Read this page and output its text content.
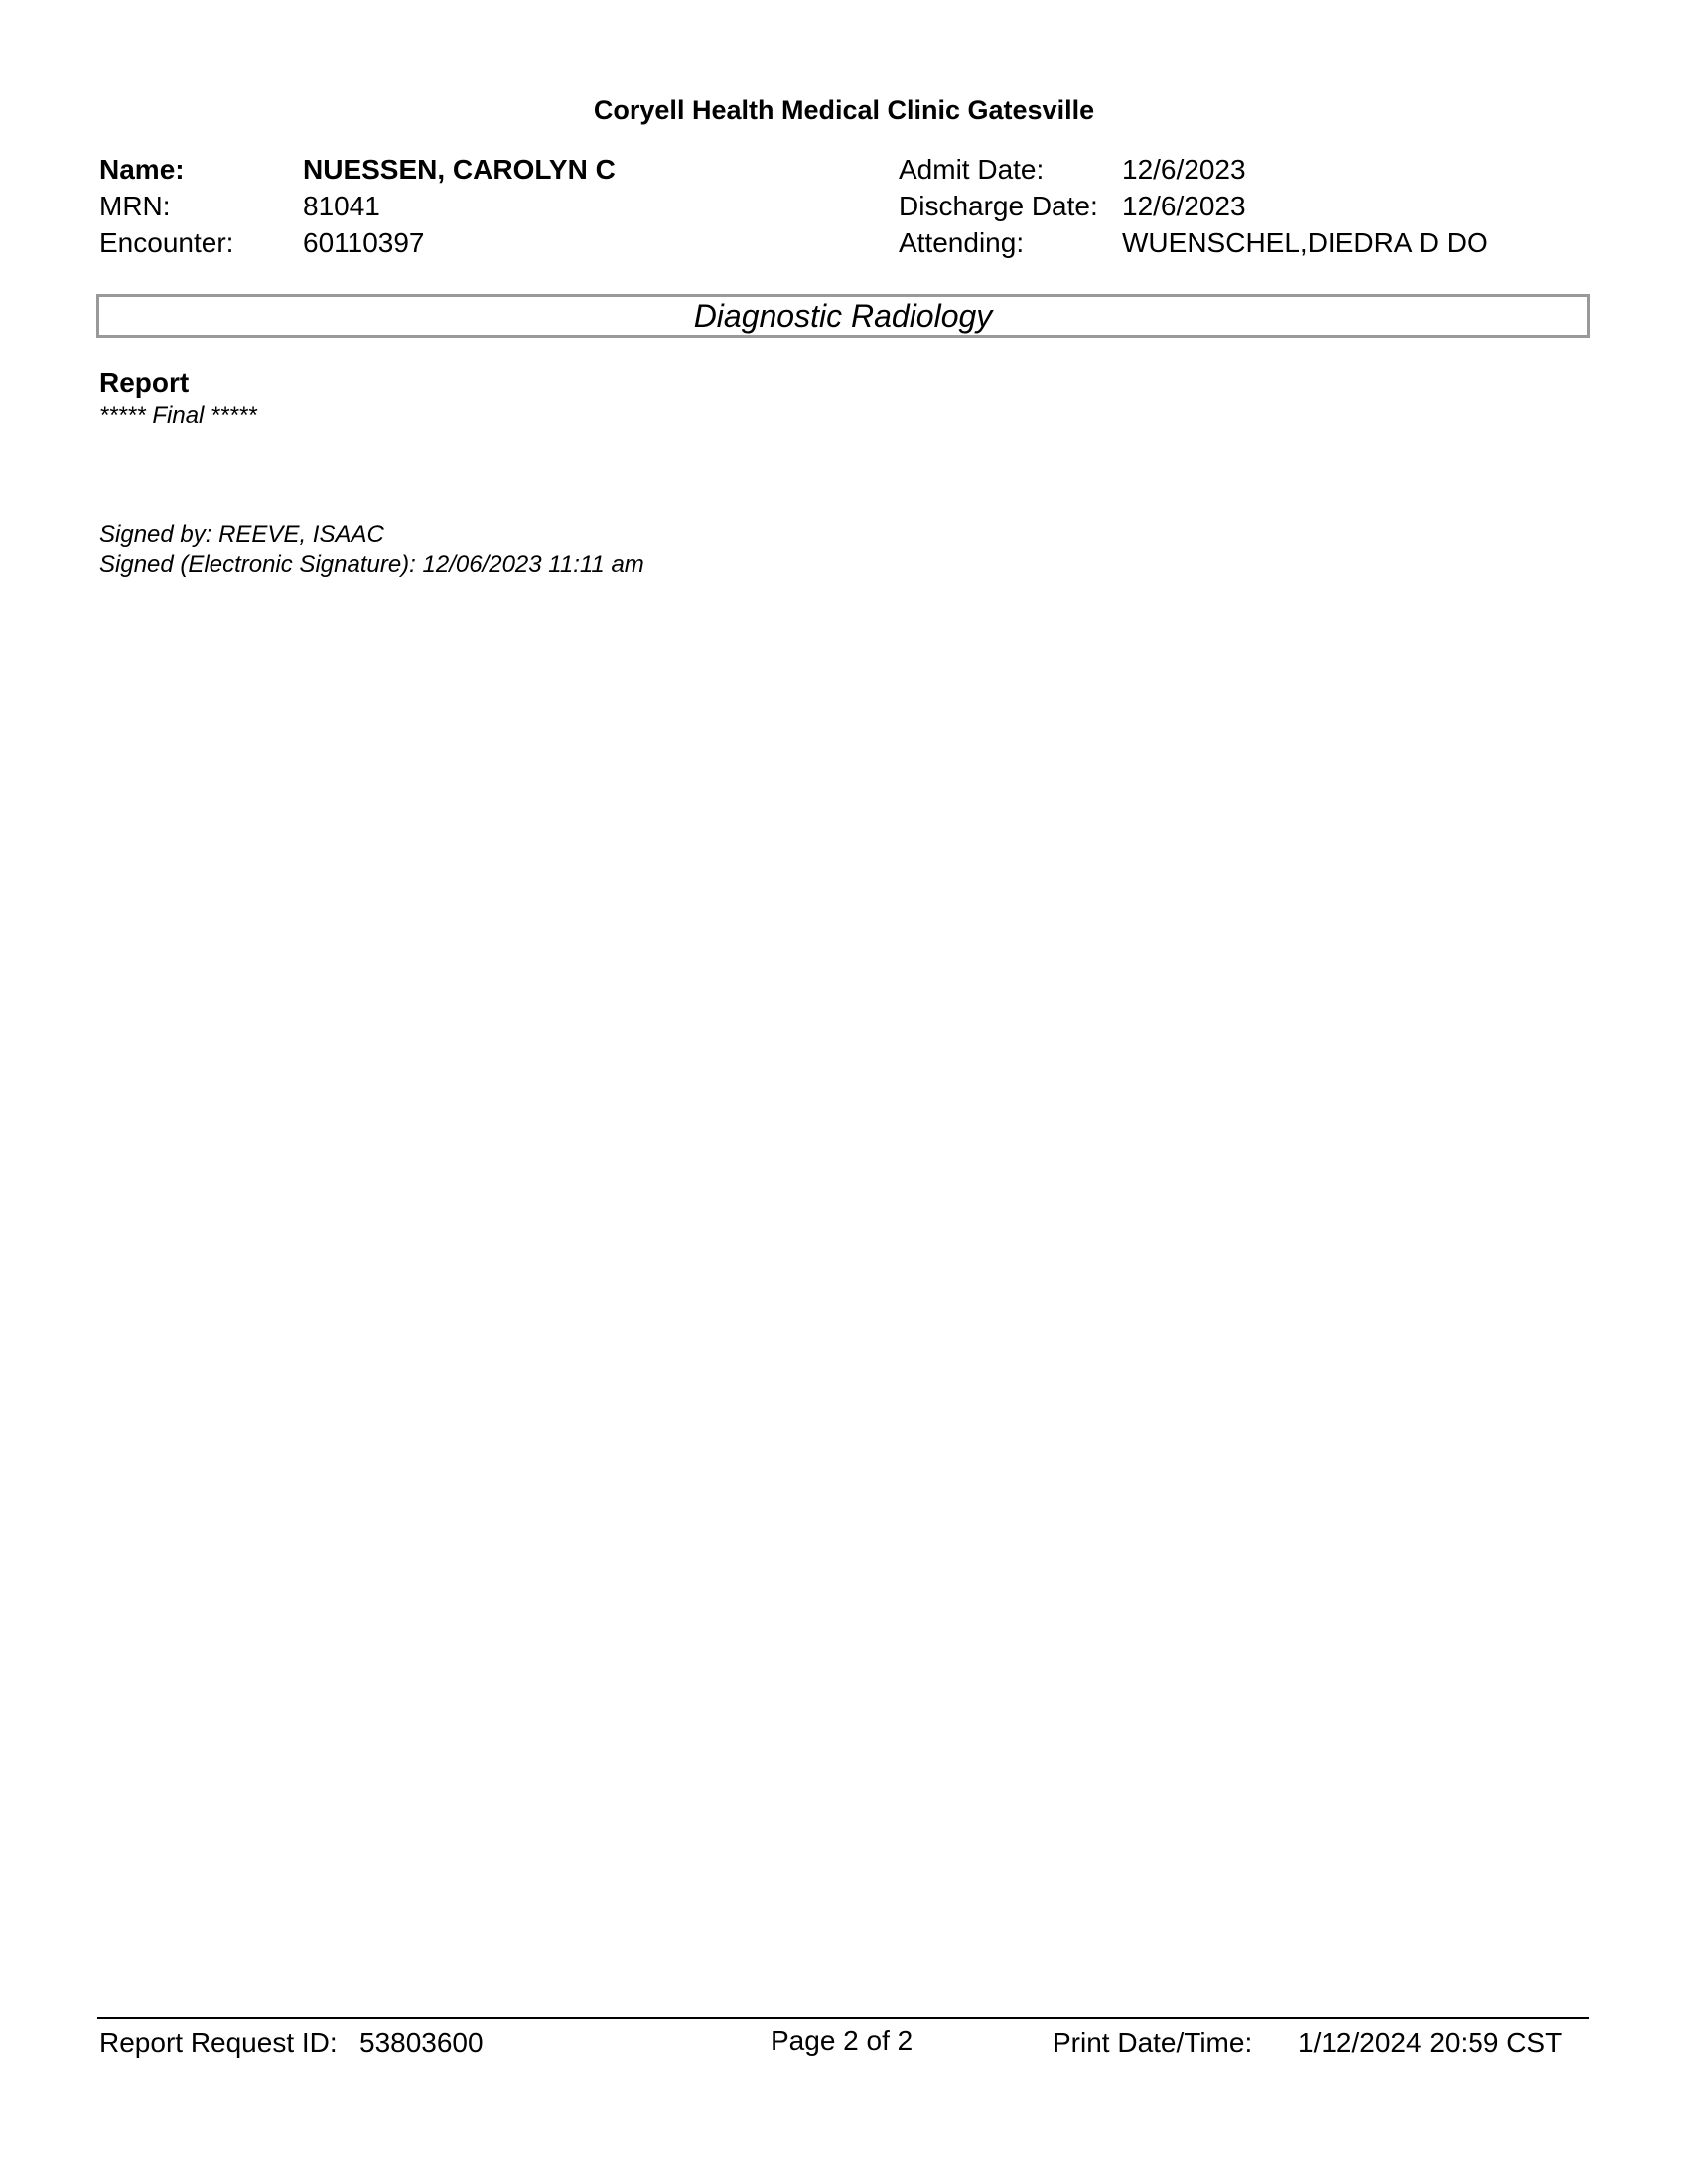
Coryell Health Medical Clinic Gatesville
Name:	NUESSEN, CAROLYN C
MRN:	81041
Encounter: 60110397
Admit Date:	12/6/2023
Discharge Date: 12/6/2023
Attending:	WUENSCHEL,DIEDRA D DO
Diagnostic Radiology
Report
***** Final *****
Signed by: REEVE, ISAAC
Signed (Electronic Signature): 12/06/2023 11:11 am
Report Request ID: 53803600	Page 2 of 2	Print Date/Time: 1/12/2024 20:59 CST
